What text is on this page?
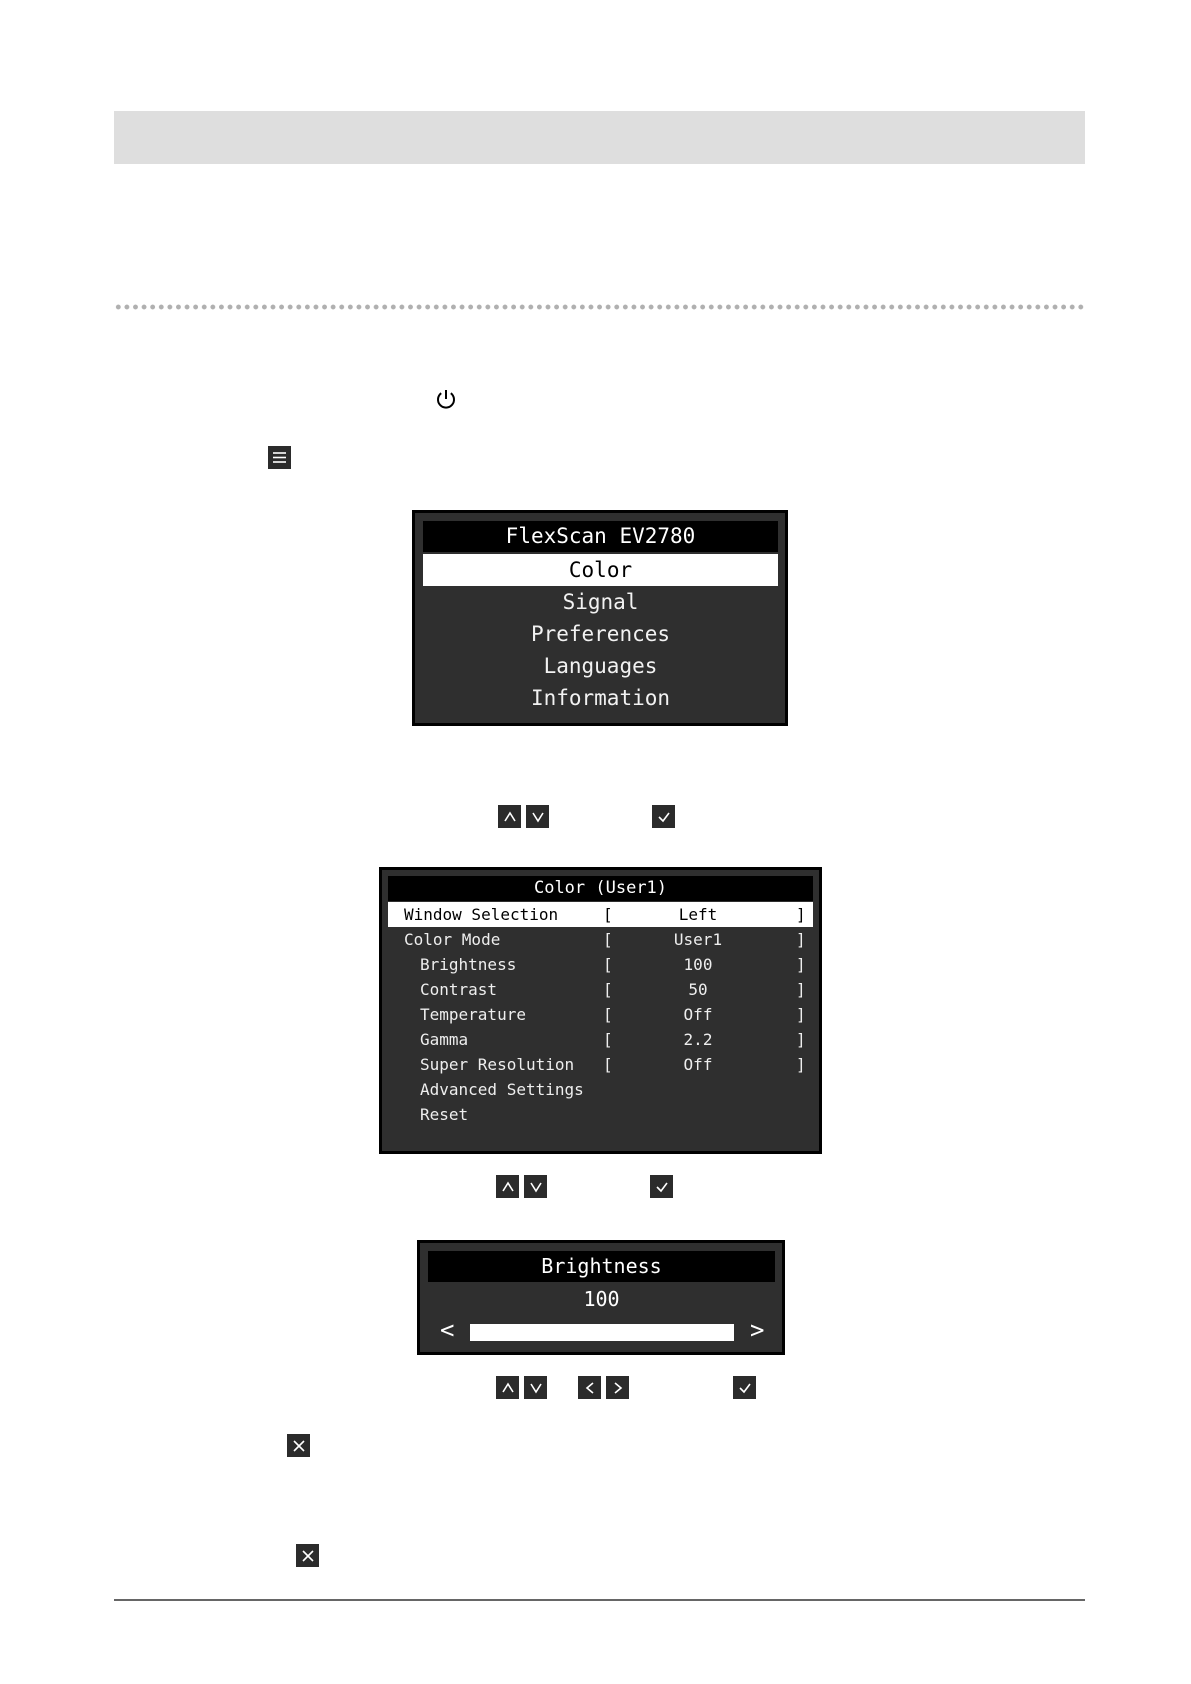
FlexScan EV2780
Color
Signal
Preferences
Languages
Information
Color (User1)
Window Selection	[	Left	]
Color Mode	[	User1	]
Brightness	[	100	]
Contrast	[	50	]
Temperature	[	Off	]
Gamma	[	2.2	]
Super Resolution [	Off	]
Advanced Settings
Reset
Brightness
100
<	>
